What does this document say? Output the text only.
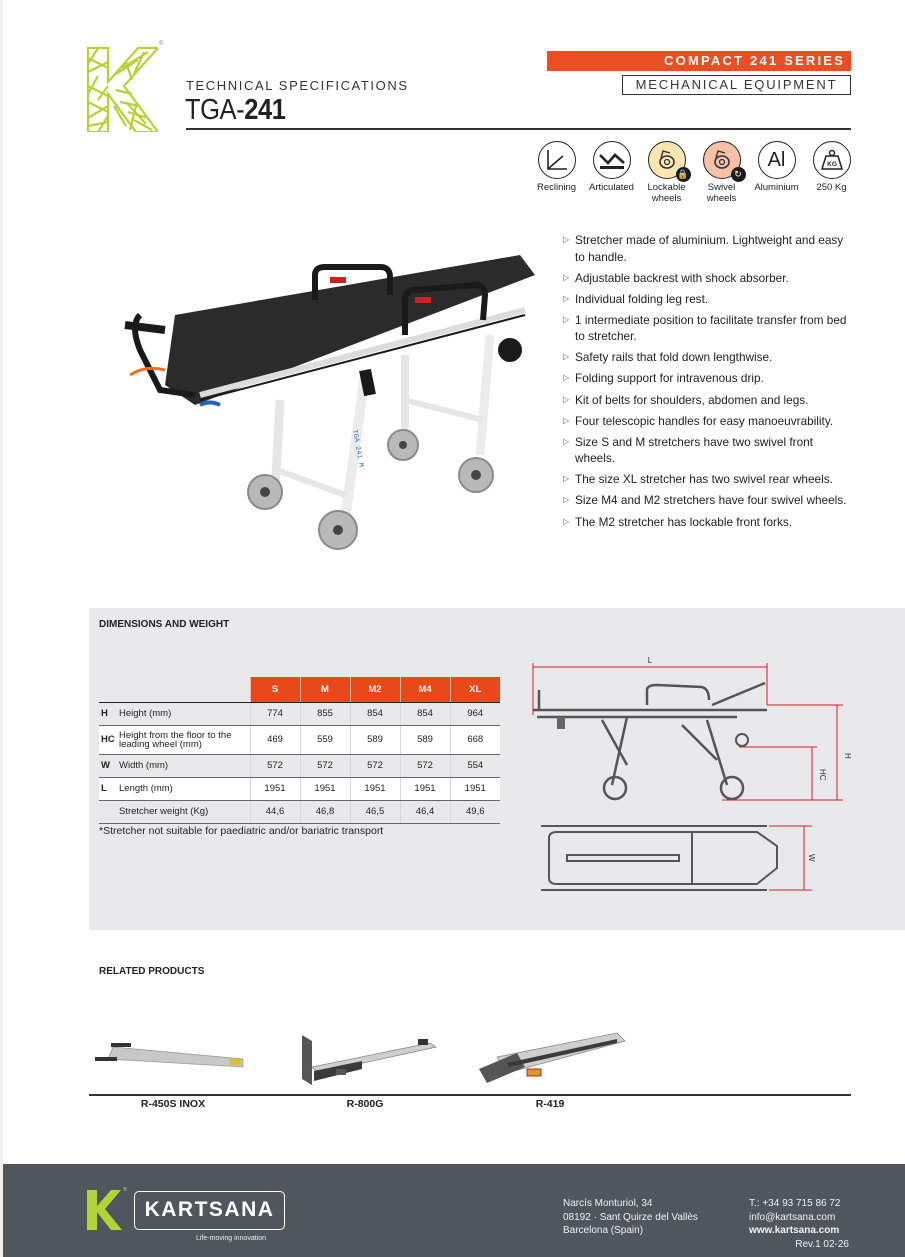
®
TECHNICAL SPECIFICATIONS
TGA-241
COMPACT 241 SERIES
MECHANICAL EQUIPMENT
Reclining	Articulated
🔒
Lockable wheels
↻
Swivel wheels
Al
Aluminium
KG
250 Kg
TGA 241 M
▷ Stretcher made of aluminium. Lightweight and easy to handle.
▷ Adjustable backrest with shock absorber.
▷ Individual folding leg rest.
▷ 1 intermediate position to facilitate transfer from bed to stretcher.
▷ Safety rails that fold down lengthwise.
▷ Folding support for intravenous drip.
▷ Kit of belts for shoulders, abdomen and legs.
▷ Four telescopic handles for easy manoeuvrability.
▷ Size S and M stretchers have two swivel front wheels.
▷ The size XL stretcher has two swivel rear wheels.
▷ Size M4 and M2 stretchers have four swivel wheels.
▷ The M2 stretcher has lockable front forks.
DIMENSIONS AND WEIGHT
	S	M	M2	M4	XL
H Height (mm)	774	855	854	854	964
HC Height from the floor to the leading wheel (mm)	469	559	589	589	668
W Width (mm)	572	572	572	572	554
L Length (mm)	1951	1951	1951	1951	1951
Stretcher weight (Kg)	44,6	46,8	46,5	46,4	49,6
*Stretcher not suitable for paediatric and/or bariatric transport
L
H
HC
W
RELATED PRODUCTS
R-450S INOX	R-800G	R-419
®
KARTSANA
Life-moving innovation
Narcís Monturiol, 34
08192 · Sant Quirze del Vallès
Barcelona (Spain)
T.: +34 93 715 86 72
info@kartsana.com
www.kartsana.com
Rev.1 02-26
